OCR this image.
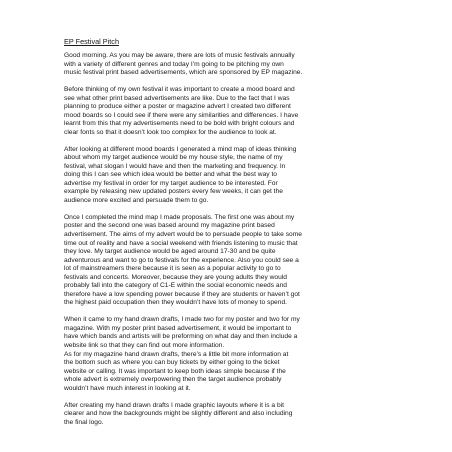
EP Festival Pitch
Good morning. As you may be aware, there are lots of music festivals annually
with a variety of different genres and today I’m going to be pitching my own
music festival print based advertisements, which are sponsored by EP magazine.
Before thinking of my own festival it was important to create a mood board and
see what other print based advertisements are like. Due to the fact that I was
planning to produce either a poster or magazine advert I created two different
mood boards so I could see if there were any similarities and differences. I have
learnt from this that my advertisements need to be bold with bright colours and
clear fonts so that it doesn’t look too complex for the audience to look at.
After looking at different mood boards I generated a mind map of ideas thinking
about whom my target audience would be my house style, the name of my
festival, what slogan I would have and then the marketing and frequency. In
doing this I can see which idea would be better and what the best way to
advertise my festival in order for my target audience to be interested. For
example by releasing new updated posters every few weeks, it can get the
audience more excited and persuade them to go.
Once I completed the mind map I made proposals. The first one was about my
poster and the second one was based around my magazine print based
advertisement. The aims of my advert would be to persuade people to take some
time out of reality and have a social weekend with friends listening to music that
they love. My target audience would be aged around 17-30 and be quite
adventurous and want to go to festivals for the experience. Also you could see a
lot of mainstreamers there because it is seen as a popular activity to go to
festivals and concerts. Moreover, because they are young adults they would
probably fall into the category of C1-E within the social economic needs and
therefore have a low spending power because if they are students or haven’t got
the highest paid occupation then they wouldn’t have lots of money to spend.
When it came to my hand drawn drafts, I made two for my poster and two for my
magazine. With my poster print based advertisement, it would be important to
have which bands and artists will be preforming on what day and then include a
website link so that they can find out more information.
As for my magazine hand drawn drafts, there’s a little bit more information at
the bottom such as where you can buy tickets by either going to the ticket
website or calling. It was important to keep both ideas simple because if the
whole advert is extremely overpowering then the target audience probably
wouldn’t have much interest in looking at it.
After creating my hand drawn drafts I made graphic layouts where it is a bit
clearer and how the backgrounds might be slightly different and also including
the final logo.
